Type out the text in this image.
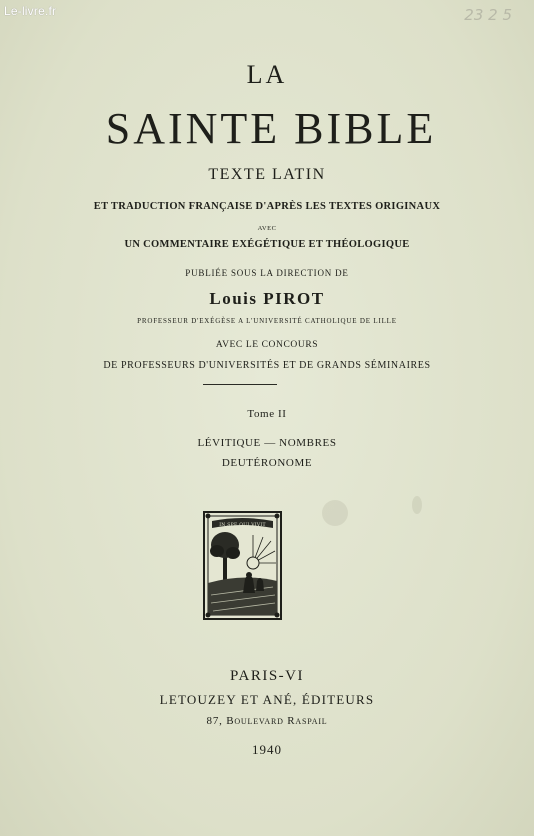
Le-livre.fr	23 2 5
LA
SAINTE BIBLE
TEXTE LATIN
ET TRADUCTION FRANÇAISE D'APRÈS LES TEXTES ORIGINAUX
AVEC
UN COMMENTAIRE EXÉGÉTIQUE ET THÉOLOGIQUE
PUBLIÉE SOUS LA DIRECTION DE
Louis PIROT
PROFESSEUR D'EXÉGÈSE A L'UNIVERSITÉ CATHOLIQUE DE LILLE
AVEC LE CONCOURS
DE PROFESSEURS D'UNIVERSITÉS ET DE GRANDS SÉMINAIRES
Tome II
LÉVITIQUE — NOMBRES
DEUTÉRONOME
IN SPE QUI VIVIT
PARIS-VI
LETOUZEY ET ANÉ, ÉDITEURS
87, Boulevard Raspail
1940
